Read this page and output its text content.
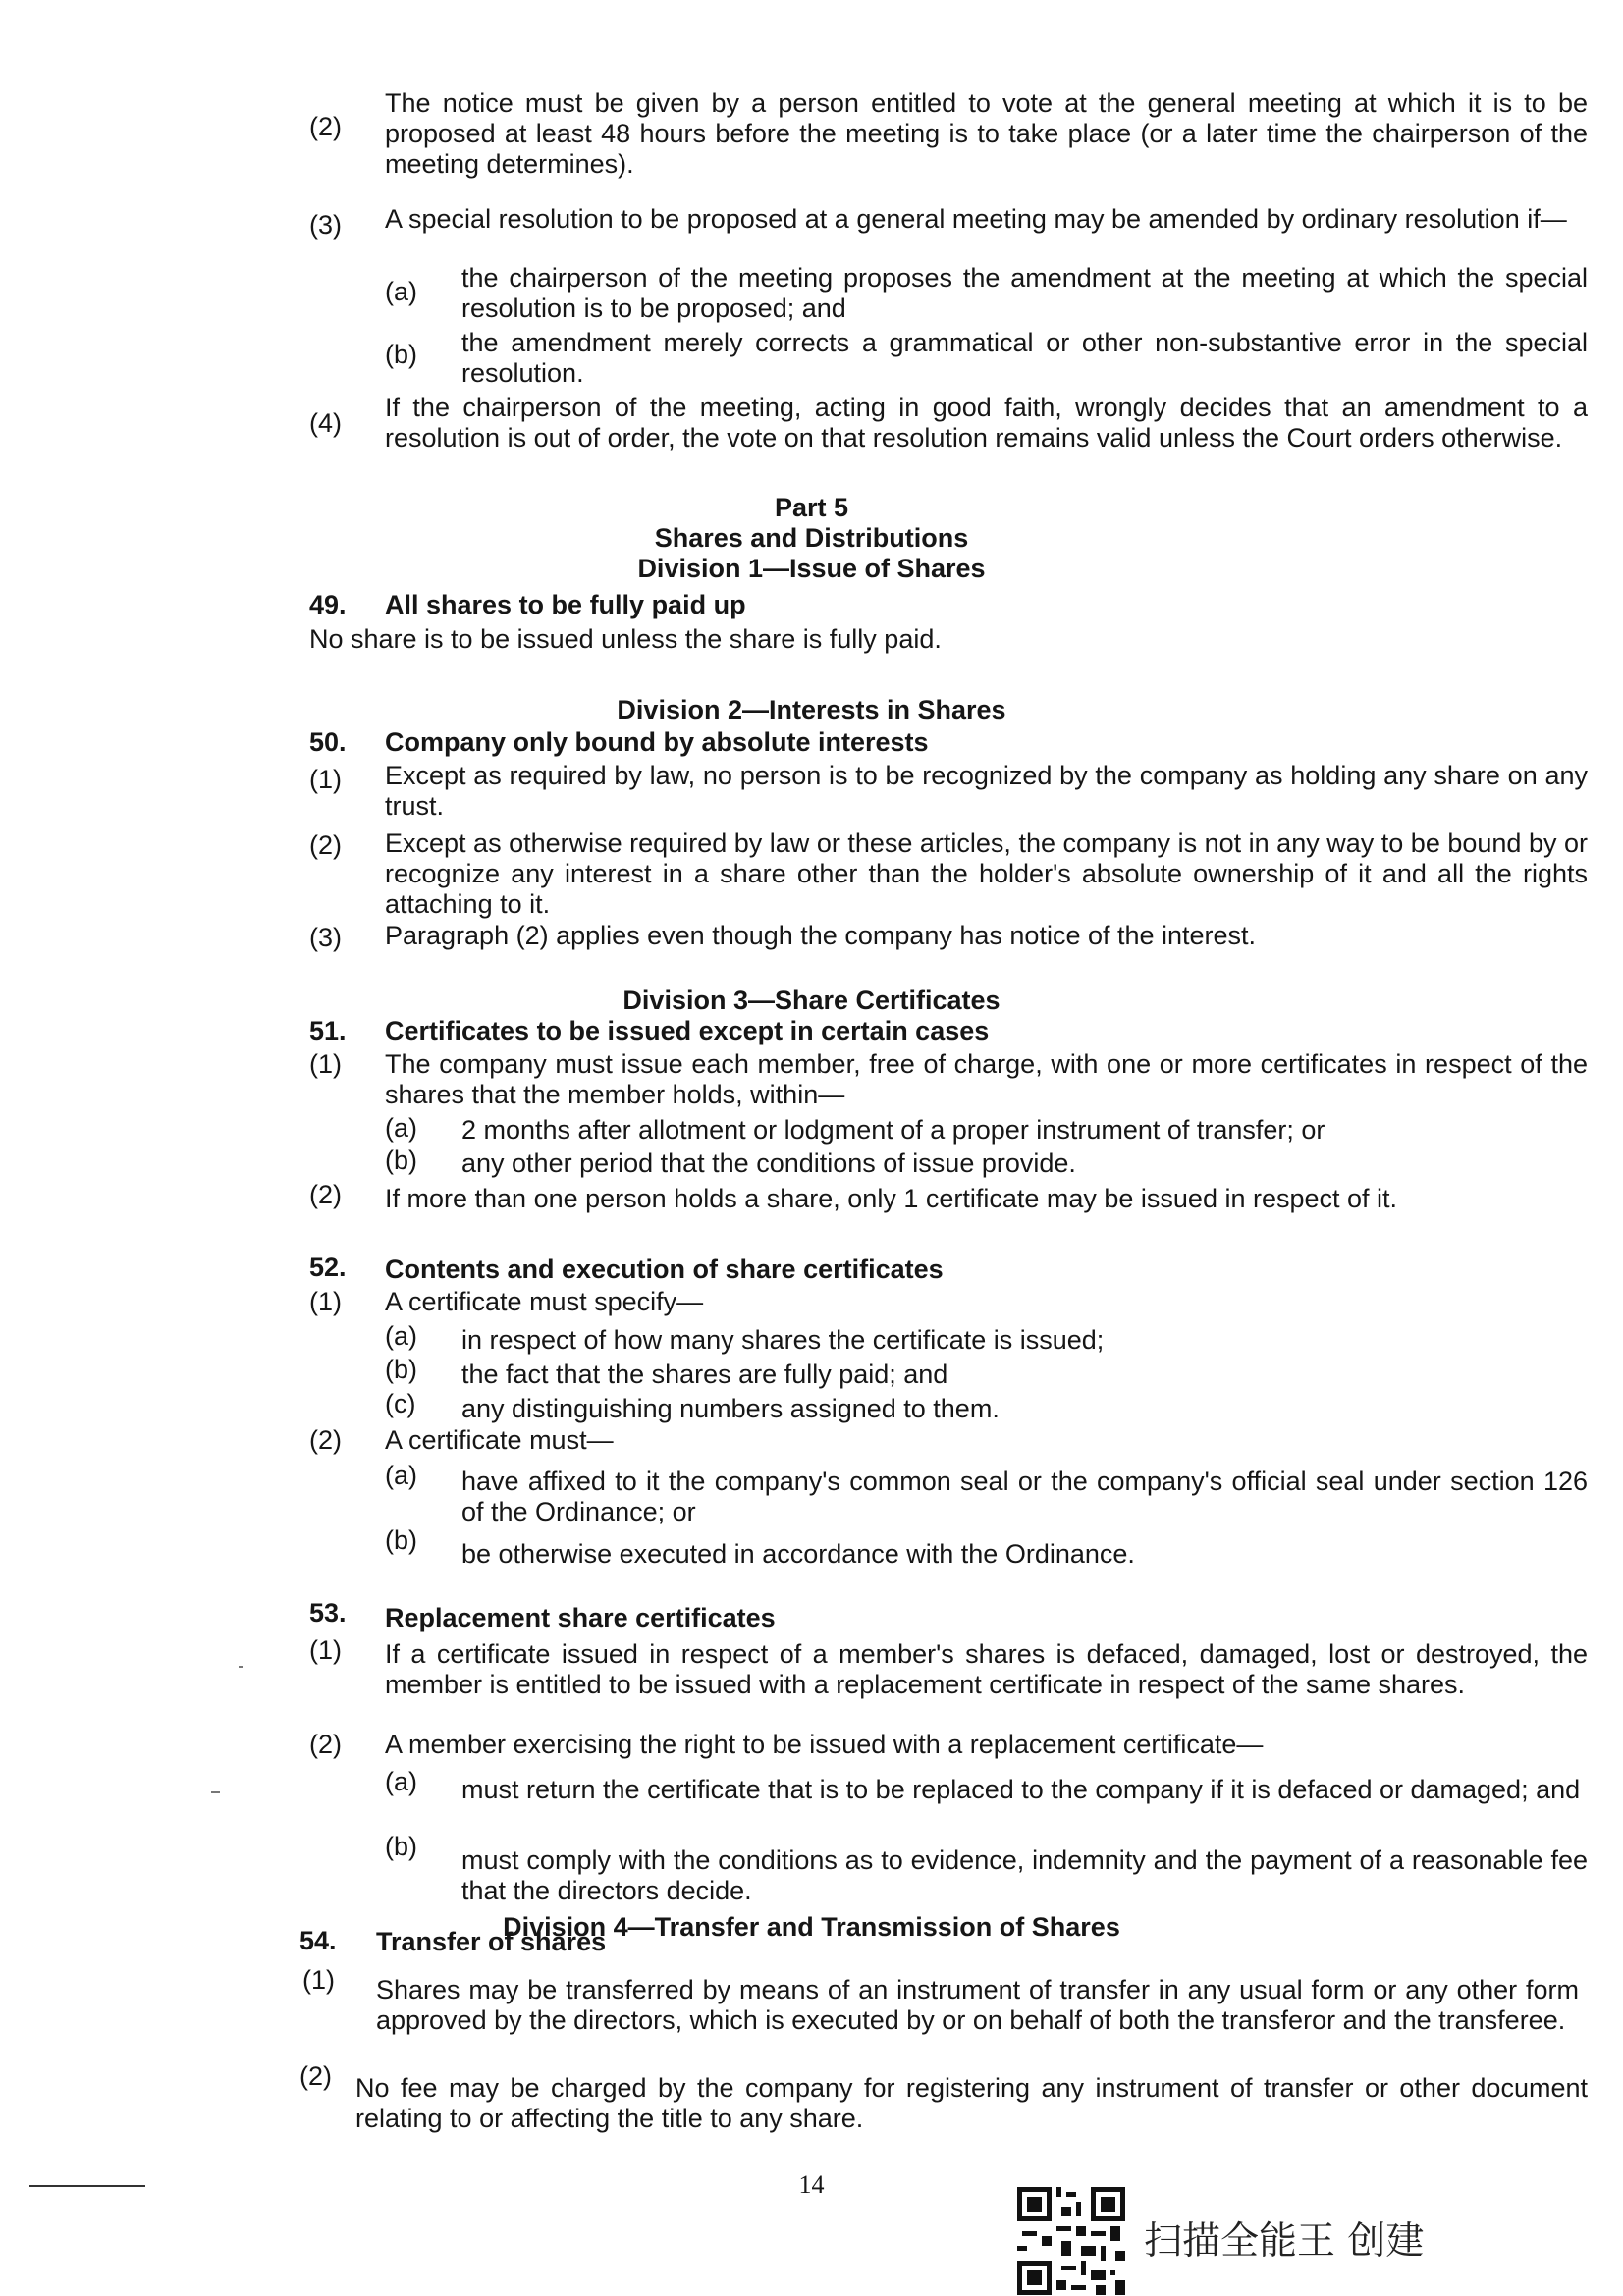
(2)
The notice must be given by a person entitled to vote at the general meeting at which it is to be proposed at least 48 hours before the meeting is to take place (or a later time the chairperson of the meeting determines).
(3)	A special resolution to be proposed at a general meeting may be amended by ordinary resolution if—
(a)	the chairperson of the meeting proposes the amendment at the meeting at which the special resolution is to be proposed; and
(b)	the amendment merely corrects a grammatical or other non-substantive error in the special resolution.
(4)
If the chairperson of the meeting, acting in good faith, wrongly decides that an amendment to a resolution is out of order, the vote on that resolution remains valid unless the Court orders otherwise.
Part 5
Shares and Distributions
Division 1—Issue of Shares
49.	All shares to be fully paid up
No share is to be issued unless the share is fully paid.
Division 2—Interests in Shares
50.	Company only bound by absolute interests
(1)	Except as required by law, no person is to be recognized by the company as holding any share on any trust.
(2)	Except as otherwise required by law or these articles, the company is not in any way to be bound by or recognize any interest in a share other than the holder's absolute ownership of it and all the rights attaching to it.
(3)	Paragraph (2) applies even though the company has notice of the interest.
Division 3—Share Certificates
51.	Certificates to be issued except in certain cases
(1)	The company must issue each member, free of charge, with one or more certificates in respect of the shares that the member holds, within—
(a)	2 months after allotment or lodgment of a proper instrument of transfer; or
(b)	any other period that the conditions of issue provide.
(2)	If more than one person holds a share, only 1 certificate may be issued in respect of it.
52.	Contents and execution of share certificates
(1)	A certificate must specify—
(a)	in respect of how many shares the certificate is issued;
(b)	the fact that the shares are fully paid; and
(c)	any distinguishing numbers assigned to them.
(2)	A certificate must—
(a)	have affixed to it the company's common seal or the company's official seal under section 126 of the Ordinance; or
(b)	be otherwise executed in accordance with the Ordinance.
53.	Replacement share certificates
(1)	If a certificate issued in respect of a member's shares is defaced, damaged, lost or destroyed, the member is entitled to be issued with a replacement certificate in respect of the same shares.
(2)	A member exercising the right to be issued with a replacement certificate—
(a)	must return the certificate that is to be replaced to the company if it is defaced or damaged; and
(b)	must comply with the conditions as to evidence, indemnity and the payment of a reasonable fee that the directors decide.
Division 4—Transfer and Transmission of Shares
54.	Transfer of shares
(1)	Shares may be transferred by means of an instrument of transfer in any usual form or any other form approved by the directors, which is executed by or on behalf of both the transferor and the transferee.
(2) No fee may be charged by the company for registering any instrument of transfer or other document relating to or affecting the title to any share.
14
扫描全能王 创建
